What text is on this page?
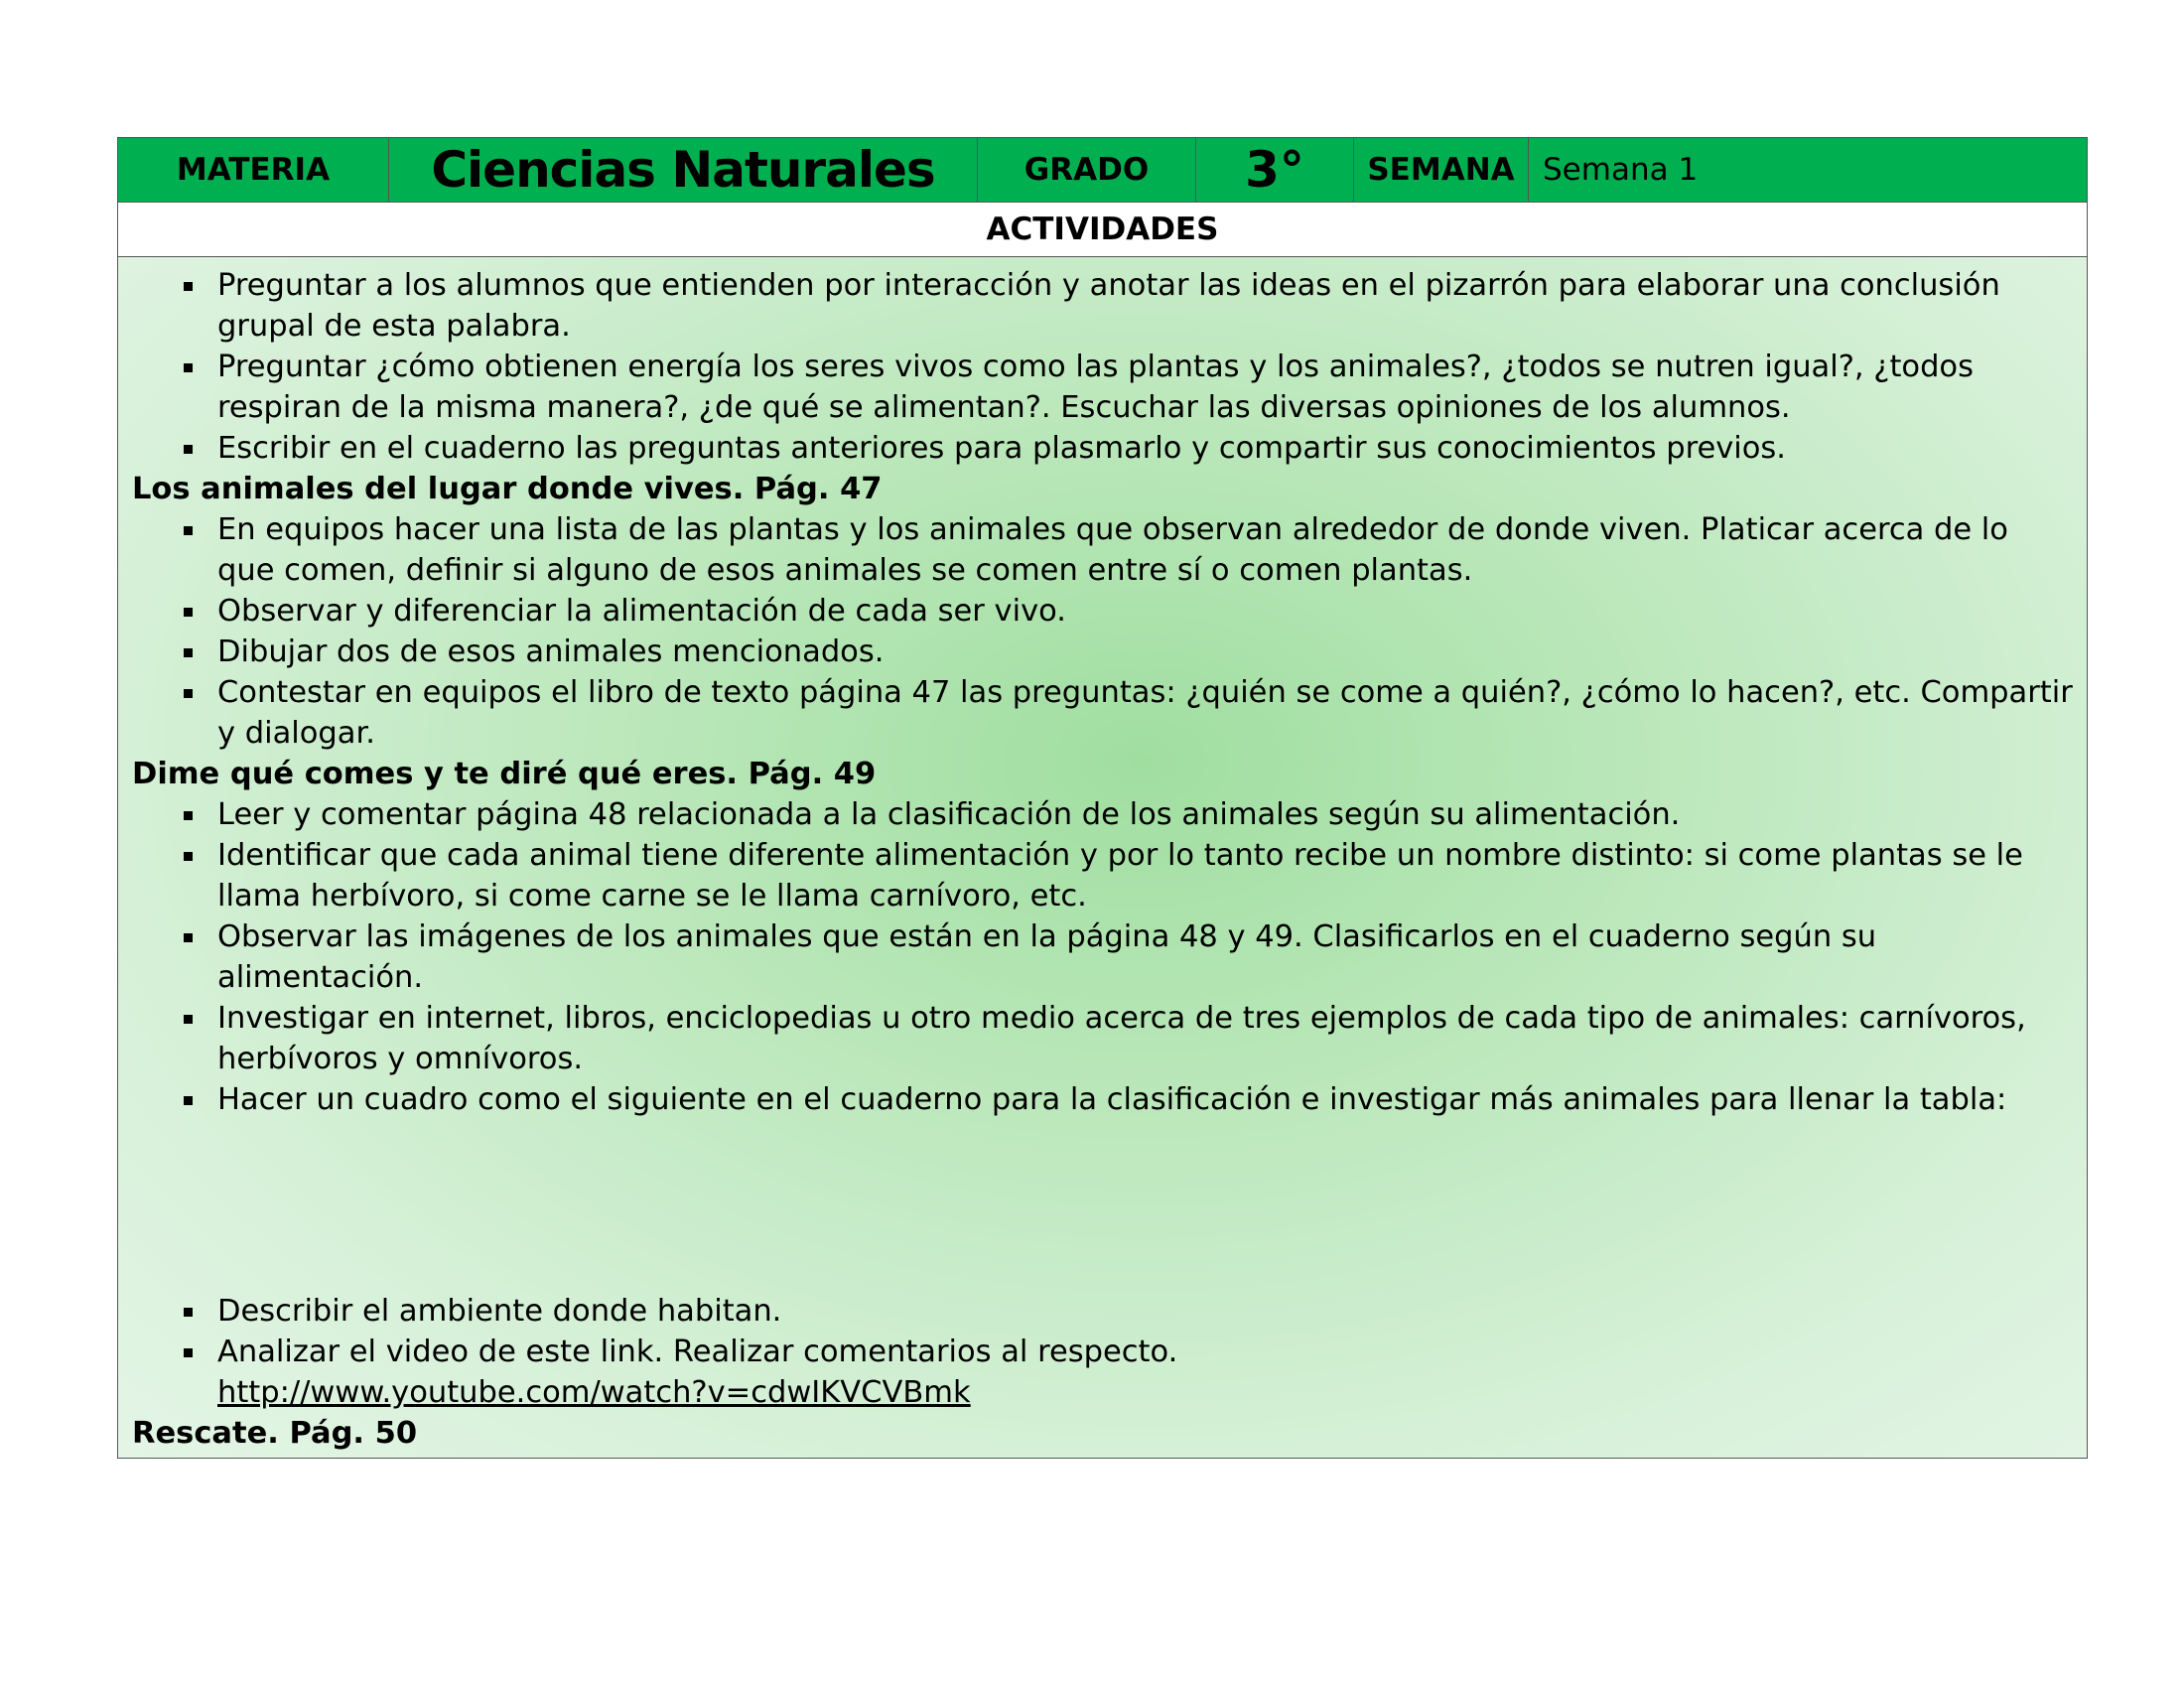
MATERIA	Ciencias Naturales	GRADO	3°	SEMANA Semana 1
ACTIVIDADES
Preguntar a los alumnos que entienden por interacción y anotar las ideas en el pizarrón para elaborar una conclusión grupal de esta palabra.
Preguntar ¿cómo obtienen energía los seres vivos como las plantas y los animales?, ¿todos se nutren igual?, ¿todos respiran de la misma manera?, ¿de qué se alimentan?. Escuchar las diversas opiniones de los alumnos.
Escribir en el cuaderno las preguntas anteriores para plasmarlo y compartir sus conocimientos previos.
Los animales del lugar donde vives. Pág. 47
En equipos hacer una lista de las plantas y los animales que observan alrededor de donde viven. Platicar acerca de lo que comen, definir si alguno de esos animales se comen entre sí o comen plantas.
Observar y diferenciar la alimentación de cada ser vivo.
Dibujar dos de esos animales mencionados.
Contestar en equipos el libro de texto página 47 las preguntas: ¿quién se come a quién?, ¿cómo lo hacen?, etc. Compartir y dialogar.
Dime qué comes y te diré qué eres. Pág. 49
Leer y comentar página 48 relacionada a la clasificación de los animales según su alimentación.
Identificar que cada animal tiene diferente alimentación y por lo tanto recibe un nombre distinto: si come plantas se le llama herbívoro, si come carne se le llama carnívoro, etc.
Observar las imágenes de los animales que están en la página 48 y 49. Clasificarlos en el cuaderno según su alimentación.
Investigar en internet, libros, enciclopedias u otro medio acerca de tres ejemplos de cada tipo de animales: carnívoros, herbívoros y omnívoros.
Hacer un cuadro como el siguiente en el cuaderno para la clasificación e investigar más animales para llenar la tabla:
Describir el ambiente donde habitan.
Analizar el video de este link. Realizar comentarios al respecto.
http://www.youtube.com/watch?v=cdwIKVCVBmk
Rescate. Pág. 50
